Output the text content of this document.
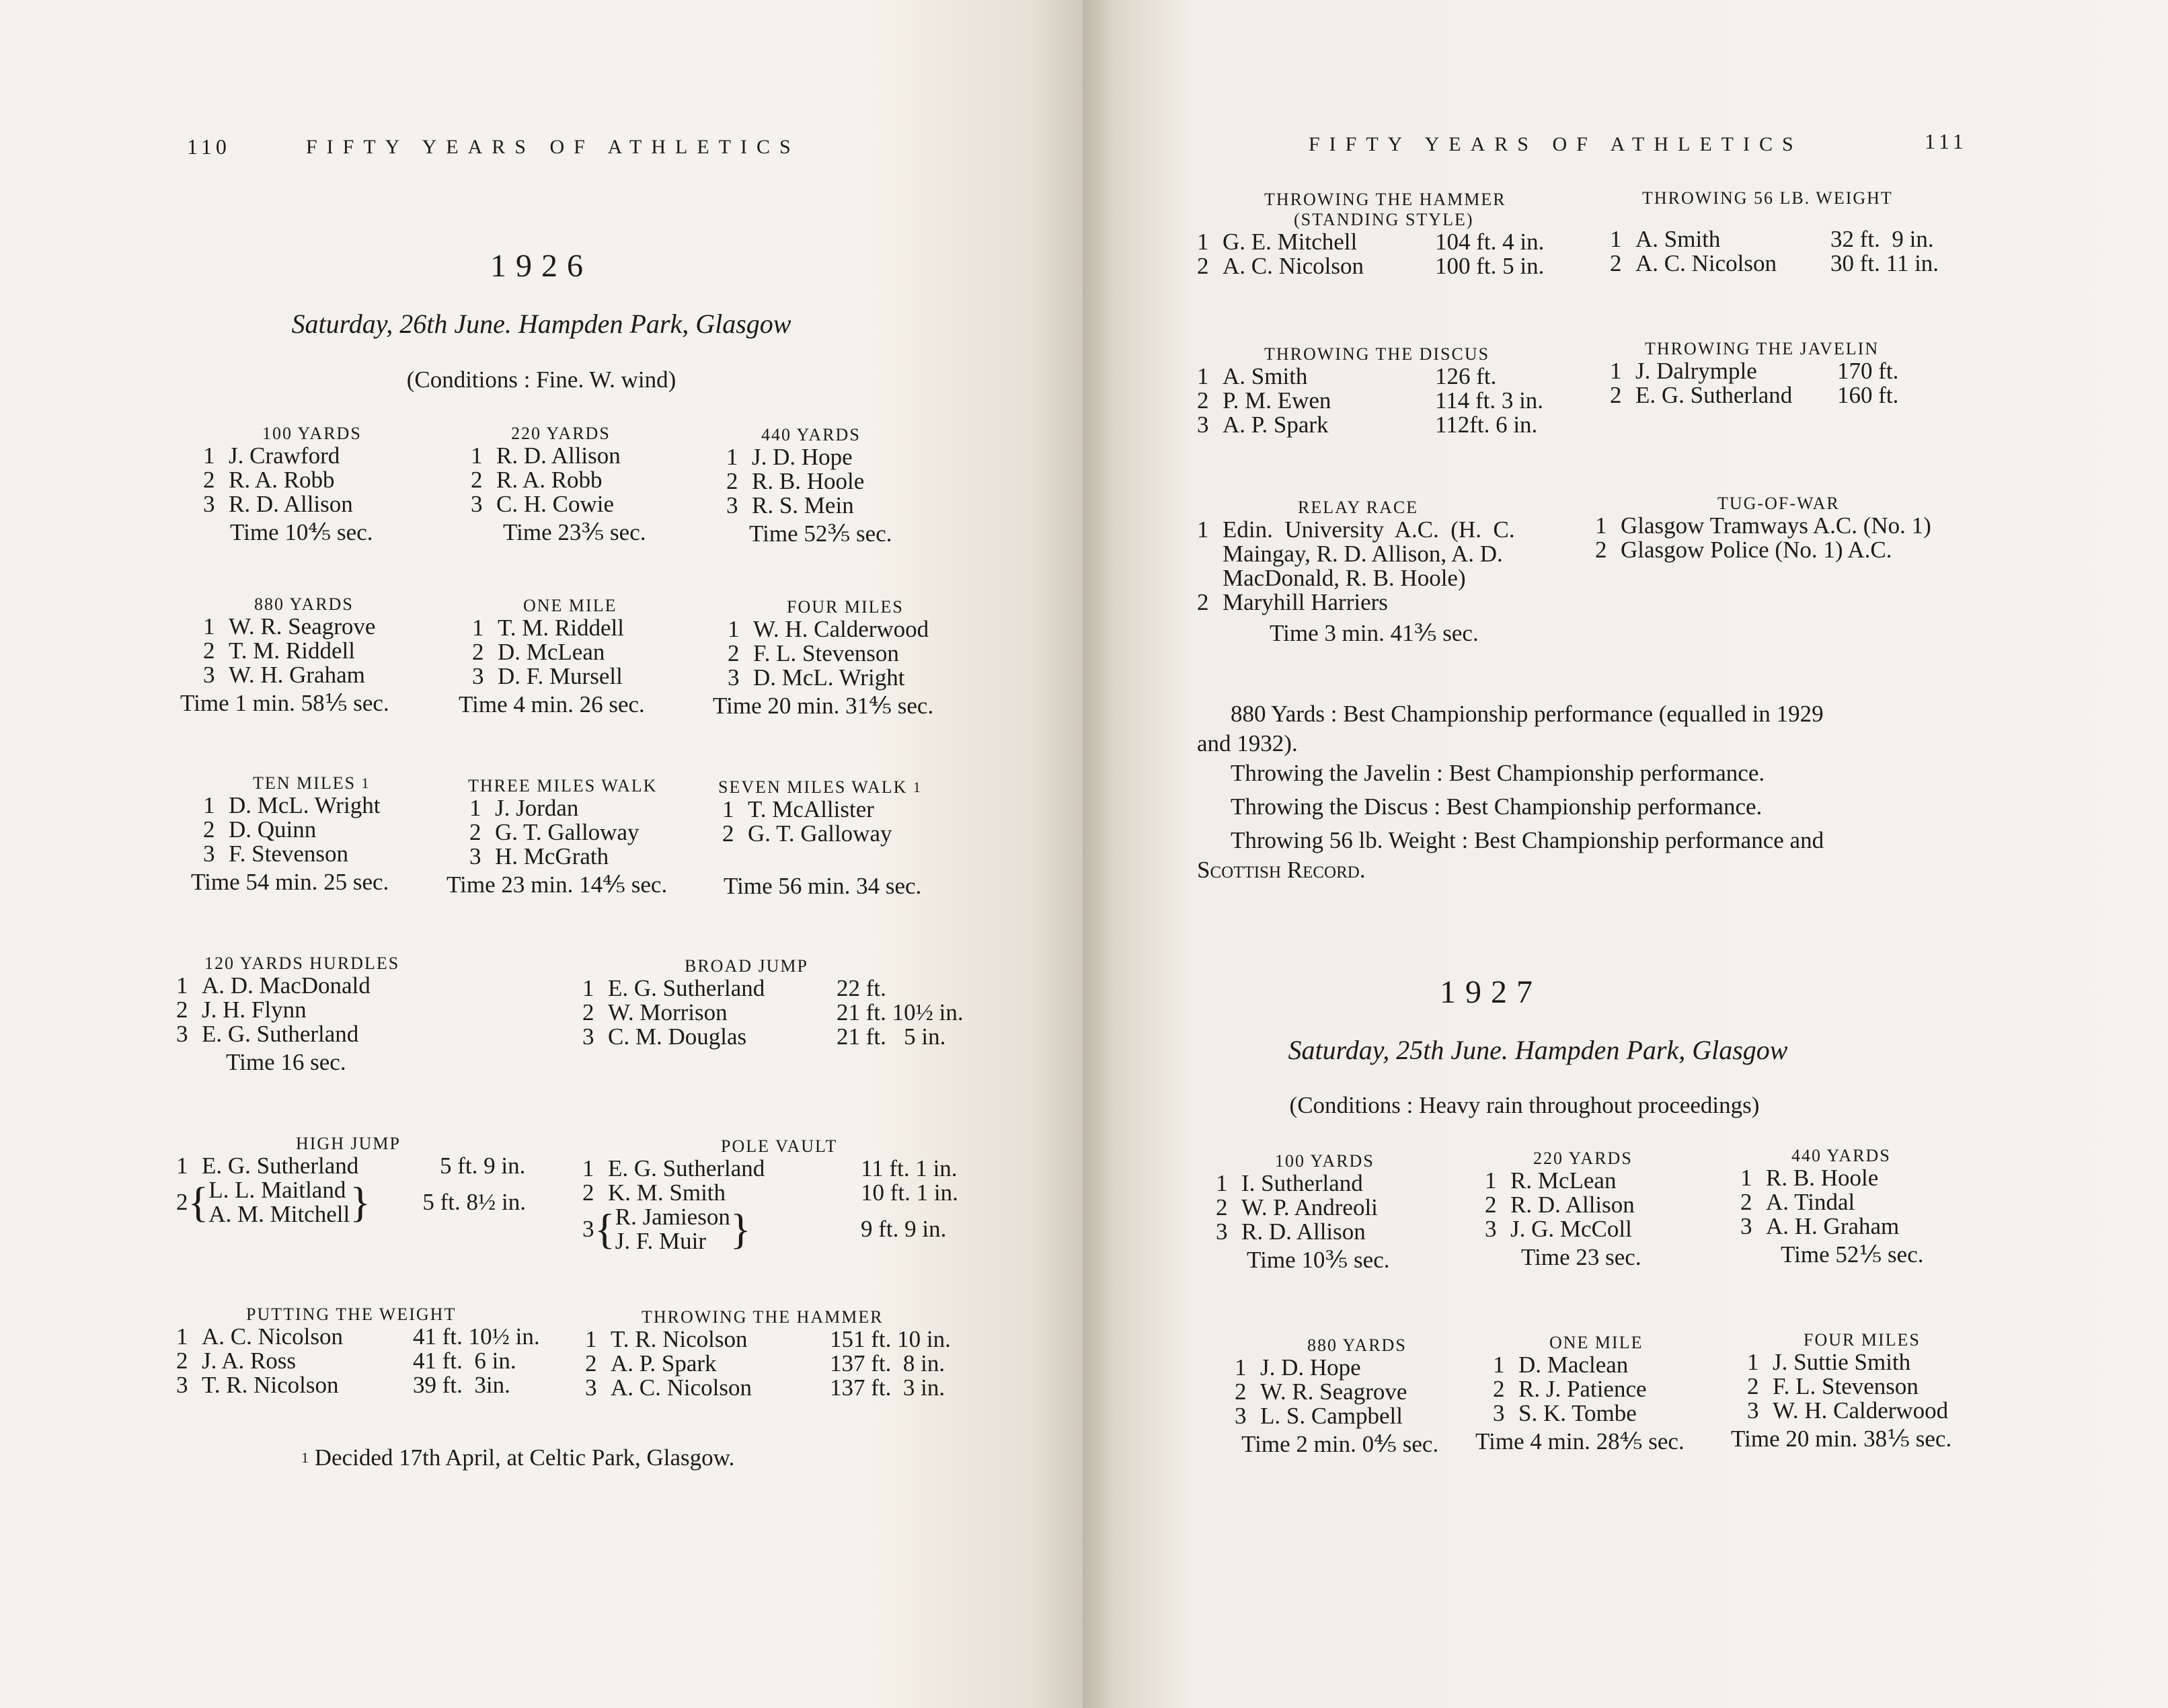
110	FIFTY YEARS OF ATHLETICS
1926
Saturday, 26th June. Hampden Park, Glasgow
(Conditions : Fine. W. wind)
100 YARDS
1 J. Crawford
2 R. A. Robb
3 R. D. Allison
Time 10⅘ sec.
220 YARDS
1 R. D. Allison
2 R. A. Robb
3 C. H. Cowie
Time 23⅗ sec.
440 YARDS
1 J. D. Hope
2 R. B. Hoole
3 R. S. Mein
Time 52⅗ sec.
880 YARDS
1 W. R. Seagrove
2 T. M. Riddell
3 W. H. Graham
Time 1 min. 58⅕ sec.
ONE MILE
1 T. M. Riddell
2 D. McLean
3 D. F. Mursell
Time 4 min. 26 sec.
FOUR MILES
1 W. H. Calderwood
2 F. L. Stevenson
3 D. McL. Wright
Time 20 min. 31⅘ sec.
TEN MILES $^1$
1 D. McL. Wright
2 D. Quinn
3 F. Stevenson
Time 54 min. 25 sec.
THREE MILES WALK
1 J. Jordan
2 G. T. Galloway
3 H. McGrath
Time 23 min. 14⅘ sec.
SEVEN MILES WALK $^1$
1 T. McAllister
2 G. T. Galloway
Time 56 min. 34 sec.
120 YARDS HURDLES
1 A. D. MacDonald
2 J. H. Flynn
3 E. G. Sutherland
Time 16 sec.
BROAD JUMP
1 E. G. Sutherland	22 ft.
2 W. Morrison	21 ft. 10½ in.
3 C. M. Douglas	21 ft.   5 in.
HIGH JUMP
1 E. G. Sutherland	5 ft. 9 in.
2 { L. L. Maitland
A. M. Mitchell } 5 ft. 8½ in.
POLE VAULT
1 E. G. Sutherland	11 ft. 1 in.
2 K. M. Smith	10 ft. 1 in.
3 { R. Jamieson
J. F. Muir }	9 ft. 9 in.
PUTTING THE WEIGHT
1 A. C. Nicolson	41 ft. 10½ in.
2 J. A. Ross	41 ft.  6 in.
3 T. R. Nicolson	39 ft.  3in.
THROWING THE HAMMER
1 T. R. Nicolson	151 ft. 10 in.
2 A. P. Spark	137 ft.  8 in.
3 A. C. Nicolson	137 ft.  3 in.
$^1$ Decided 17th April, at Celtic Park, Glasgow.
FIFTY YEARS OF ATHLETICS	111
THROWING THE HAMMER
(STANDING STYLE)
1 G. E. Mitchell	104 ft. 4 in.
2 A. C. Nicolson	100 ft. 5 in.
THROWING 56 LB. WEIGHT
1 A. Smith	32 ft.  9 in.
2 A. C. Nicolson	30 ft. 11 in.
THROWING THE DISCUS
1 A. Smith	126 ft.
2 P. M. Ewen	114 ft. 3 in.
3 A. P. Spark	112ft. 6 in.
THROWING THE JAVELIN
1 J. Dalrymple	170 ft.
2 E. G. Sutherland	160 ft.
RELAY RACE
1 Edin.  University  A.C.  (H.  C.
Maingay, R. D. Allison, A. D.
MacDonald, R. B. Hoole)
2 Maryhill Harriers
Time 3 min. 41⅗ sec.
TUG-OF-WAR
1 Glasgow Tramways A.C. (No. 1)
2 Glasgow Police (No. 1) A.C.
880 Yards : Best Championship performance (equalled in 1929
and 1932).
Throwing the Javelin : Best Championship performance.
Throwing the Discus : Best Championship performance.
Throwing 56 lb. Weight : Best Championship performance and
Scottish Record.
1927
Saturday, 25th June. Hampden Park, Glasgow
(Conditions : Heavy rain throughout proceedings)
100 YARDS
1 I. Sutherland
2 W. P. Andreoli
3 R. D. Allison
Time 10⅗ sec.
220 YARDS
1 R. McLean
2 R. D. Allison
3 J. G. McColl
Time 23 sec.
440 YARDS
1 R. B. Hoole
2 A. Tindal
3 A. H. Graham
Time 52⅕ sec.
880 YARDS
1 J. D. Hope
2 W. R. Seagrove
3 L. S. Campbell
Time 2 min. 0⅘ sec.
ONE MILE
1 D. Maclean
2 R. J. Patience
3 S. K. Tombe
Time 4 min. 28⅘ sec.
FOUR MILES
1 J. Suttie Smith
2 F. L. Stevenson
3 W. H. Calderwood
Time 20 min. 38⅕ sec.
